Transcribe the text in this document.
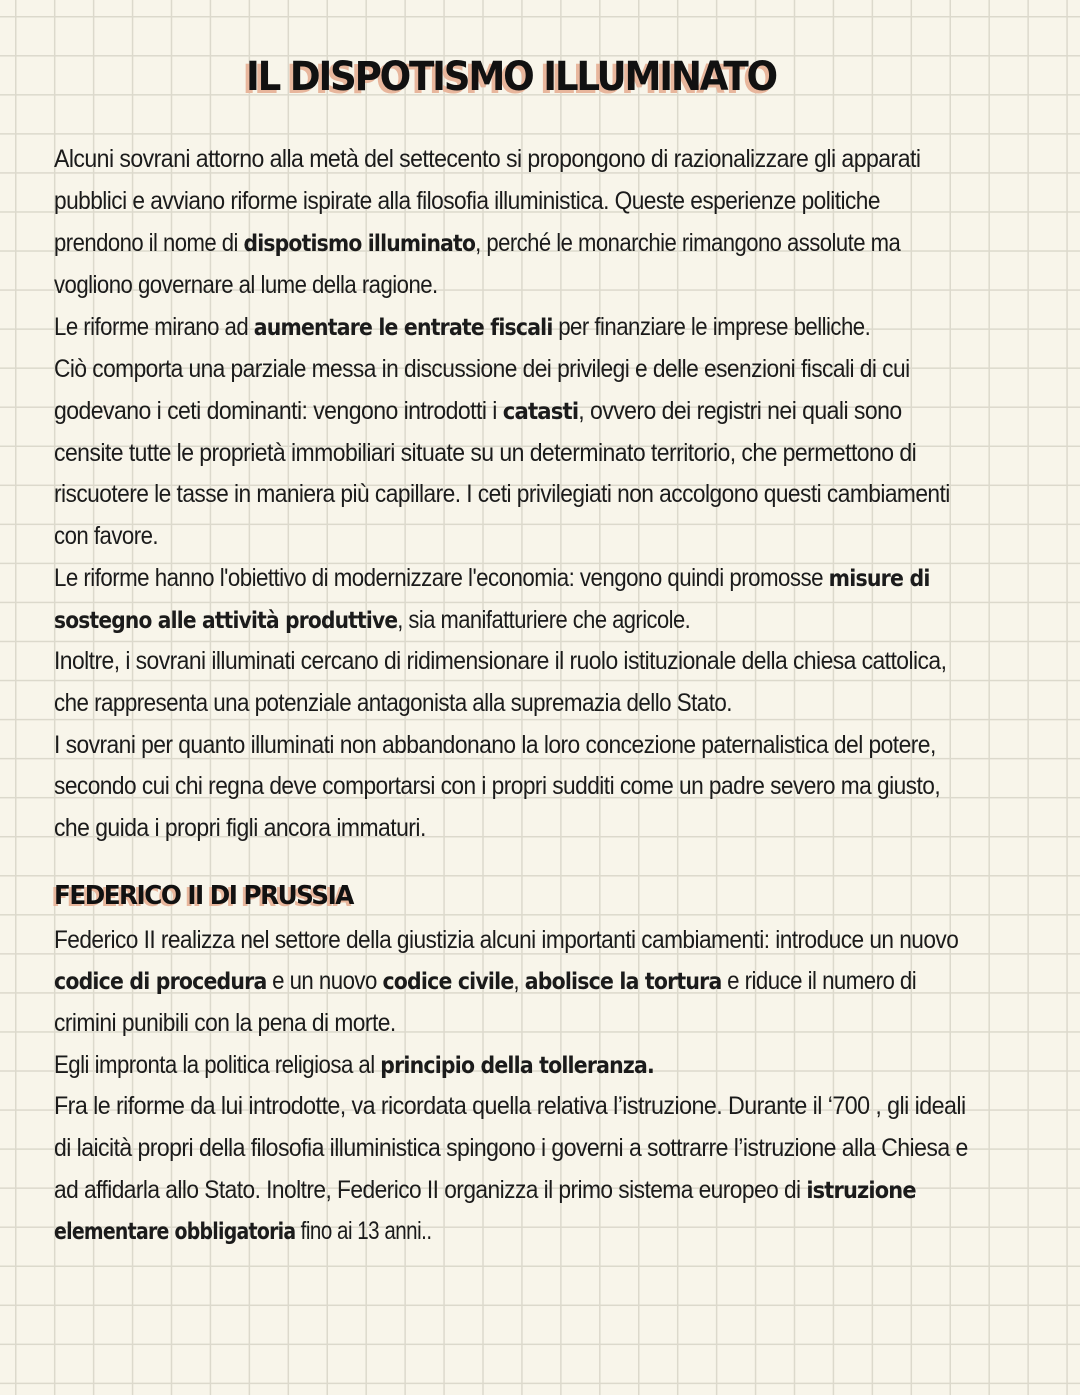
IL DISPOTISMO ILLUMINATO
Alcuni sovrani attorno alla metà del settecento si propongono di razionalizzare gli apparati
pubblici e avviano riforme ispirate alla filosofia illuministica. Queste esperienze politiche
prendono il nome di dispotismo illuminato, perché le monarchie rimangono assolute ma
vogliono governare al lume della ragione.
Le riforme mirano ad aumentare le entrate fiscali per finanziare le imprese belliche.
Ciò comporta una parziale messa in discussione dei privilegi e delle esenzioni fiscali di cui
godevano i ceti dominanti: vengono introdotti i catasti, ovvero dei registri nei quali sono
censite tutte le proprietà immobiliari situate su un determinato territorio, che permettono di
riscuotere le tasse in maniera più capillare. I ceti privilegiati non accolgono questi cambiamenti
con favore.
Le riforme hanno l'obiettivo di modernizzare l'economia: vengono quindi promosse misure di
sostegno alle attività produttive, sia manifatturiere che agricole.
Inoltre, i sovrani illuminati cercano di ridimensionare il ruolo istituzionale della chiesa cattolica,
che rappresenta una potenziale antagonista alla supremazia dello Stato.
I sovrani per quanto illuminati non abbandonano la loro concezione paternalistica del potere,
secondo cui chi regna deve comportarsi con i propri sudditi come un padre severo ma giusto,
che guida i propri figli ancora immaturi.
FEDERICO II DI PRUSSIA
Federico II realizza nel settore della giustizia alcuni importanti cambiamenti: introduce un nuovo
codice di procedura e un nuovo codice civile, abolisce la tortura e riduce il numero di
crimini punibili con la pena di morte.
Egli impronta la politica religiosa al principio della tolleranza.
Fra le riforme da lui introdotte, va ricordata quella relativa l’istruzione. Durante il ‘700 , gli ideali
di laicità propri della filosofia illuministica spingono i governi a sottrarre l’istruzione alla Chiesa e
ad affidarla allo Stato. Inoltre, Federico II organizza il primo sistema europeo di istruzione
elementare obbligatoria fino ai 13 anni..
